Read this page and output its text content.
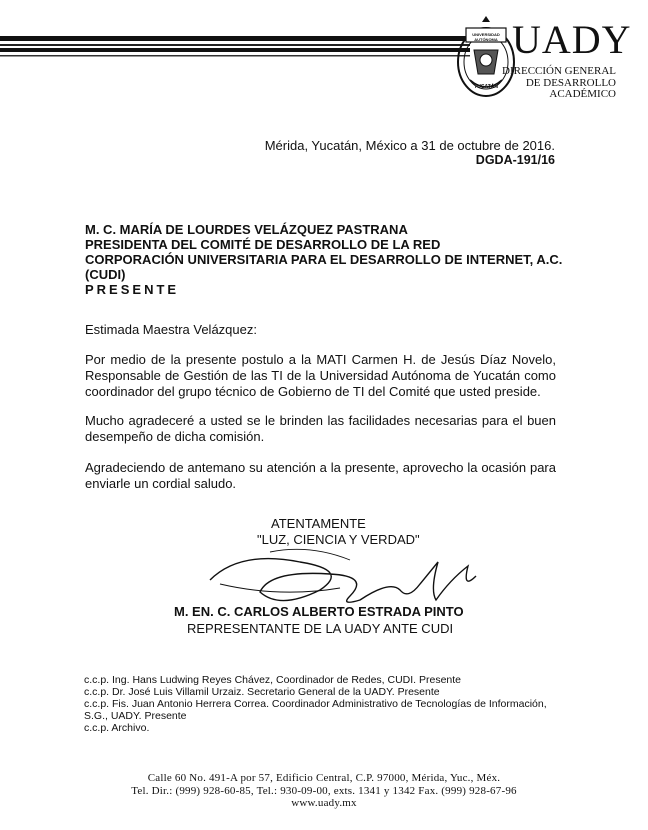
UNIVERSIDAD AUTÓNOMA
YUCATÁN
UADY
DIRECCIÓN GENERAL
DE DESARROLLO
ACADÉMICO
Mérida, Yucatán, México a 31 de octubre de 2016.
DGDA-191/16
M. C. MARÍA DE LOURDES VELÁZQUEZ PASTRANA
PRESIDENTA DEL COMITÉ DE DESARROLLO DE LA RED
CORPORACIÓN UNIVERSITARIA PARA EL DESARROLLO DE INTERNET, A.C.
(CUDI)
PRESENTE
Estimada Maestra Velázquez:
Por medio de la presente postulo a la MATI Carmen H. de Jesús Díaz Novelo, Responsable de Gestión de las TI de la Universidad Autónoma de Yucatán como coordinador del grupo técnico de Gobierno de TI del Comité que usted preside.
Mucho agradeceré a usted se le brinden las facilidades necesarias para el buen desempeño de dicha comisión.
Agradeciendo de antemano su atención a la presente, aprovecho la ocasión para enviarle un cordial saludo.
ATENTAMENTE
"LUZ, CIENCIA Y VERDAD"
M. EN. C. CARLOS ALBERTO ESTRADA PINTO
REPRESENTANTE DE LA UADY ANTE CUDI
c.c.p. Ing. Hans Ludwing Reyes Chávez, Coordinador de Redes, CUDI. Presente
c.c.p. Dr. José Luis Villamil Urzaiz. Secretario General de la UADY. Presente
c.c.p. Fis. Juan Antonio Herrera Correa. Coordinador Administrativo de Tecnologías de Información,
S.G., UADY. Presente
c.c.p. Archivo.
Calle 60 No. 491-A por 57, Edificio Central, C.P. 97000, Mérida, Yuc., Méx.
Tel. Dir.: (999) 928-60-85, Tel.: 930-09-00, exts. 1341 y 1342 Fax. (999) 928-67-96
www.uady.mx
